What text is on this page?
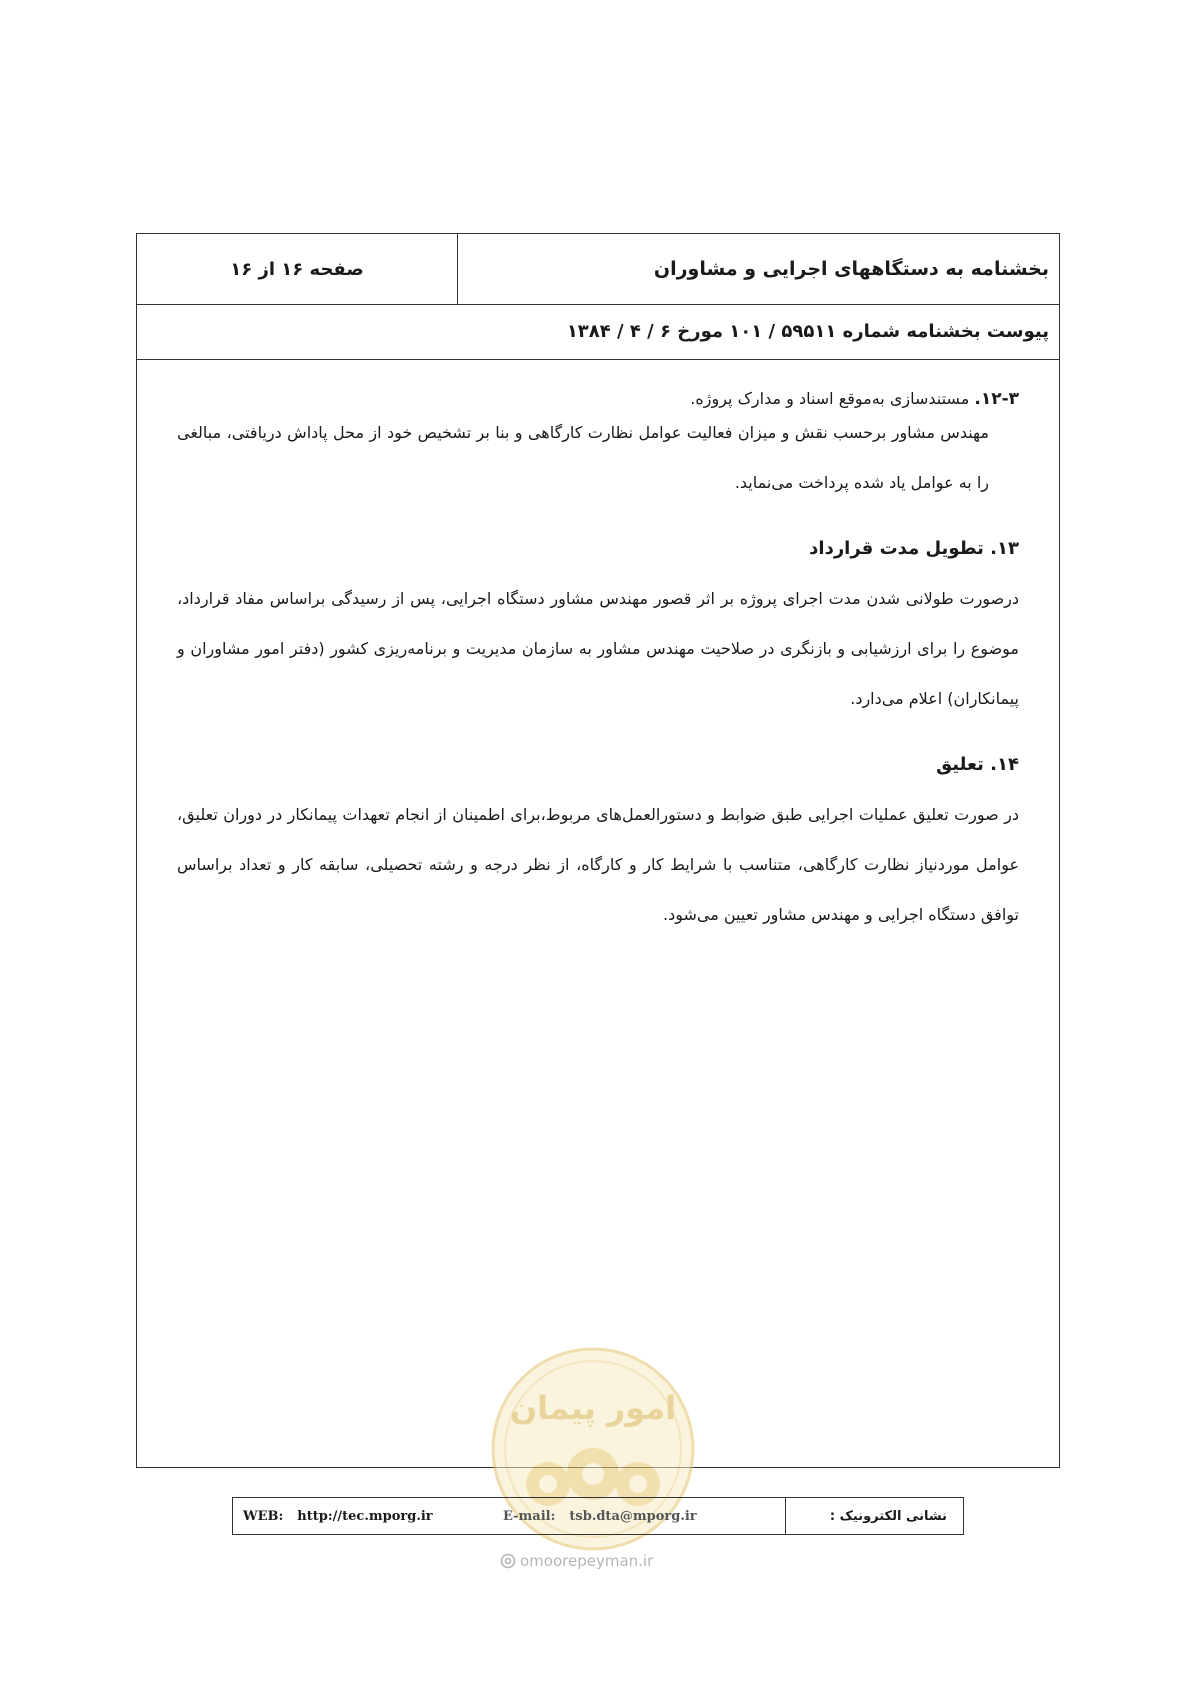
بخشنامه به دستگاههای اجرایی و مشاوران
صفحه ۱۶ از ۱۶
پیوست بخشنامه شماره ۵۹۵۱۱ / ۱۰۱ مورخ ۶ / ۴ / ۱۳۸۴

۱۲-۳. مستندسازی به‌موقع اسناد و مدارک پروژه.

مهندس مشاور برحسب نقش و میزان فعالیت عوامل نظارت کارگاهی و بنا بر تشخیص خود از محل پاداش دریافتی، مبالغی را به عوامل یاد شده پرداخت می‌نماید.

۱۳. تطویل مدت قرارداد

درصورت طولانی شدن مدت اجرای پروژه بر اثر قصور مهندس مشاور دستگاه اجرایی، پس از رسیدگی براساس مفاد قرارداد، موضوع را برای ارزشیابی و بازنگری در صلاحیت مهندس مشاور به سازمان مدیریت و برنامه‌ریزی کشور (دفتر امور مشاوران و پیمانکاران) اعلام می‌دارد.

۱۴. تعلیق

در صورت تعلیق عملیات اجرایی طبق ضوابط و دستورالعمل‌های مربوط،برای اطمینان از انجام تعهدات پیمانکار در دوران تعلیق، عوامل موردنیاز نظارت کارگاهی، متناسب با شرایط کار و کارگاه، از نظر درجه و رشته تحصیلی، سابقه کار و تعداد براساس توافق دستگاه اجرایی و مهندس مشاور تعیین می‌شود.

امور پیمان
WEB: http://tec.mporg.ir	E-mail: tsb.dta@mporg.ir	نشانی الکترونیک :
omoorepeyman.ir
